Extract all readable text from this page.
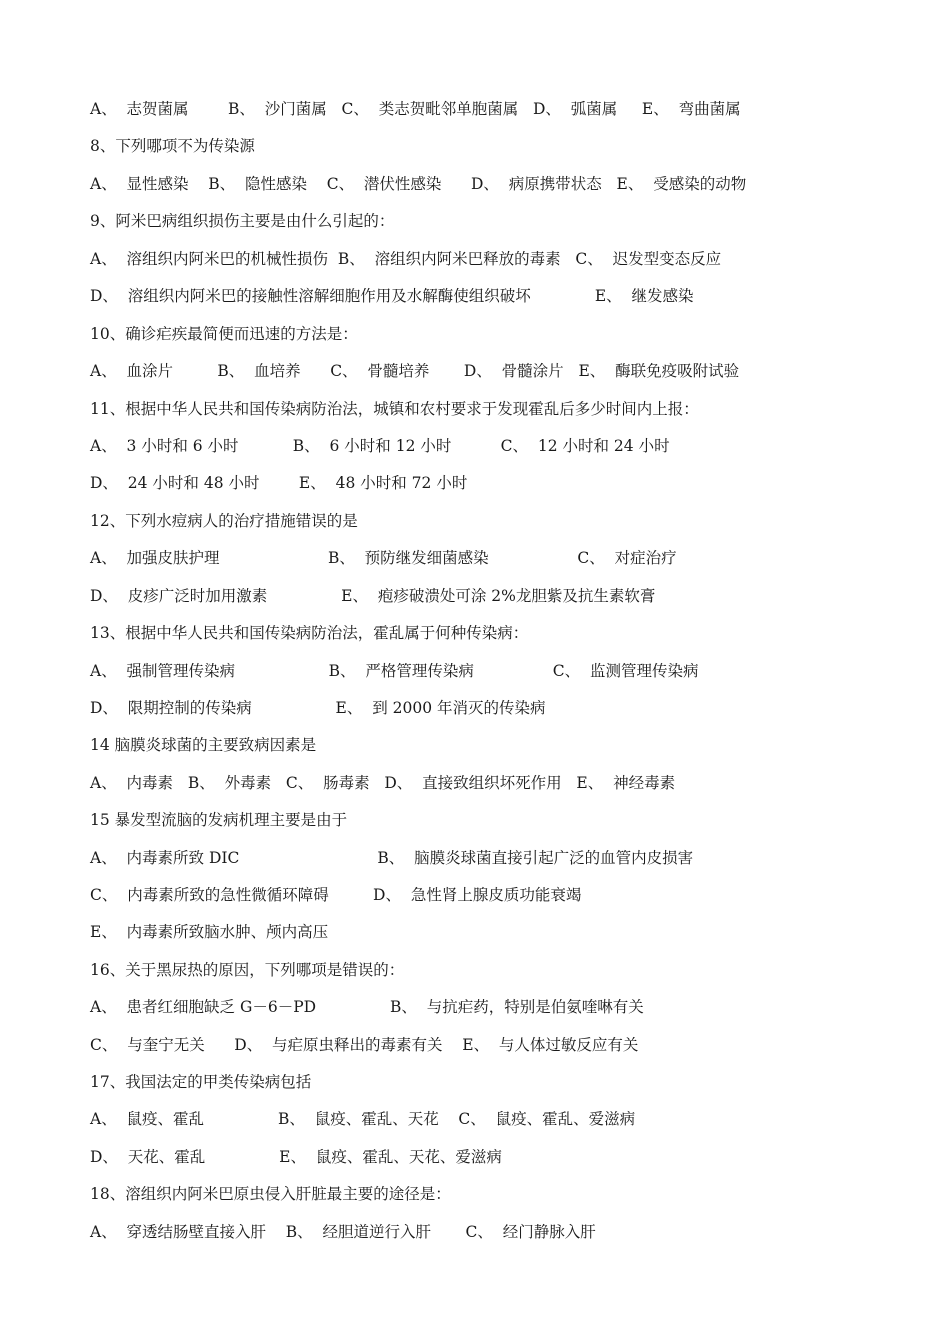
A、  志贺菌属        B、  沙门菌属   C、  类志贺毗邻单胞菌属   D、  弧菌属     E、  弯曲菌属
8、下列哪项不为传染源
A、  显性感染    B、  隐性感染    C、  潜伏性感染      D、  病原携带状态   E、  受感染的动物
9、阿米巴病组织损伤主要是由什么引起的：
A、  溶组织内阿米巴的机械性损伤  B、  溶组织内阿米巴释放的毒素   C、  迟发型变态反应
D、  溶组织内阿米巴的接触性溶解细胞作用及水解酶使组织破坏             E、  继发感染
10、确诊疟疾最简便而迅速的方法是：
A、  血涂片         B、  血培养      C、  骨髓培养       D、  骨髓涂片   E、  酶联免疫吸附试验
11、根据中华人民共和国传染病防治法，城镇和农村要求于发现霍乱后多少时间内上报：
A、  3 小时和 6 小时           B、  6 小时和 12 小时          C、  12 小时和 24 小时
D、  24 小时和 48 小时        E、  48 小时和 72 小时
12、下列水痘病人的治疗措施错误的是
A、  加强皮肤护理                      B、  预防继发细菌感染                  C、  对症治疗
D、  皮疹广泛时加用激素               E、  疱疹破溃处可涂 2%龙胆紫及抗生素软膏
13、根据中华人民共和国传染病防治法，霍乱属于何种传染病：
A、  强制管理传染病                   B、  严格管理传染病                C、  监测管理传染病
D、  限期控制的传染病                 E、  到 2000 年消灭的传染病
14 脑膜炎球菌的主要致病因素是
A、  内毒素   B、  外毒素   C、  肠毒素   D、  直接致组织坏死作用   E、  神经毒素
15 暴发型流脑的发病机理主要是由于
A、  内毒素所致 DIC                            B、  脑膜炎球菌直接引起广泛的血管内皮损害
C、  内毒素所致的急性微循环障碍         D、  急性肾上腺皮质功能衰竭
E、  内毒素所致脑水肿、颅内高压
16、关于黑尿热的原因，下列哪项是错误的：
A、  患者红细胞缺乏 G－6－PD               B、  与抗疟药，特别是伯氨喹啉有关
C、  与奎宁无关      D、  与疟原虫释出的毒素有关    E、  与人体过敏反应有关
17、我国法定的甲类传染病包括
A、  鼠疫、霍乱               B、  鼠疫、霍乱、天花    C、  鼠疫、霍乱、爱滋病
D、  天花、霍乱               E、  鼠疫、霍乱、天花、爱滋病
18、溶组织内阿米巴原虫侵入肝脏最主要的途径是：
A、  穿透结肠壁直接入肝    B、  经胆道逆行入肝       C、  经门静脉入肝
